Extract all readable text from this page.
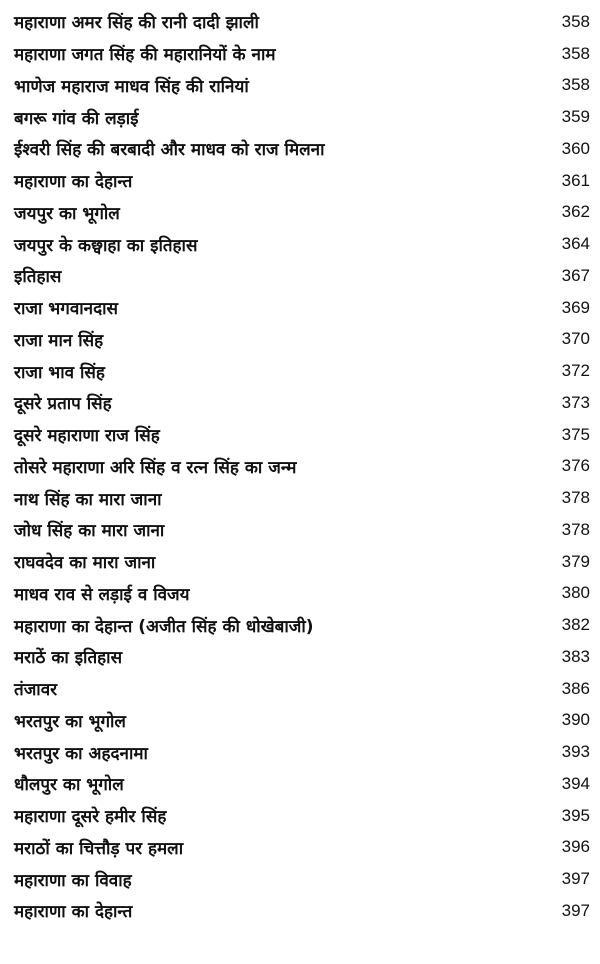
महाराणा अमर सिंह की रानी दादी झाली	358
महाराणा जगत सिंह की महारानियों के नाम	358
भाणेज महाराज माधव सिंह की रानियां	358
बगरू गांव की लड़ाई	359
ईश्वरी सिंह की बरबादी और माधव को राज मिलना	360
महाराणा का देहान्त	361
जयपुर का भूगोल	362
जयपुर के कछ्वाहा का इतिहास	364
इतिहास	367
राजा भगवानदास	369
राजा मान सिंह	370
राजा भाव सिंह	372
दूसरे प्रताप सिंह	373
दूसरे महाराणा राज सिंह	375
तोसरे महाराणा अरि सिंह व रत्न सिंह का जन्म	376
नाथ सिंह का मारा जाना	378
जोध सिंह का मारा जाना	378
राघवदेव का मारा जाना	379
माधव राव से लड़ाई व विजय	380
महाराणा का देहान्त (अजीत सिंह की धोखेबाजी)	382
मराठें का इतिहास	383
तंजावर	386
भरतपुर का भूगोल	390
भरतपुर का अहदनामा	393
धौलपुर का भूगोल	394
महाराणा दूसरे हमीर सिंह	395
मराठों का चित्तौड़ पर हमला	396
महाराणा का विवाह	397
महाराणा का देहान्त	397
